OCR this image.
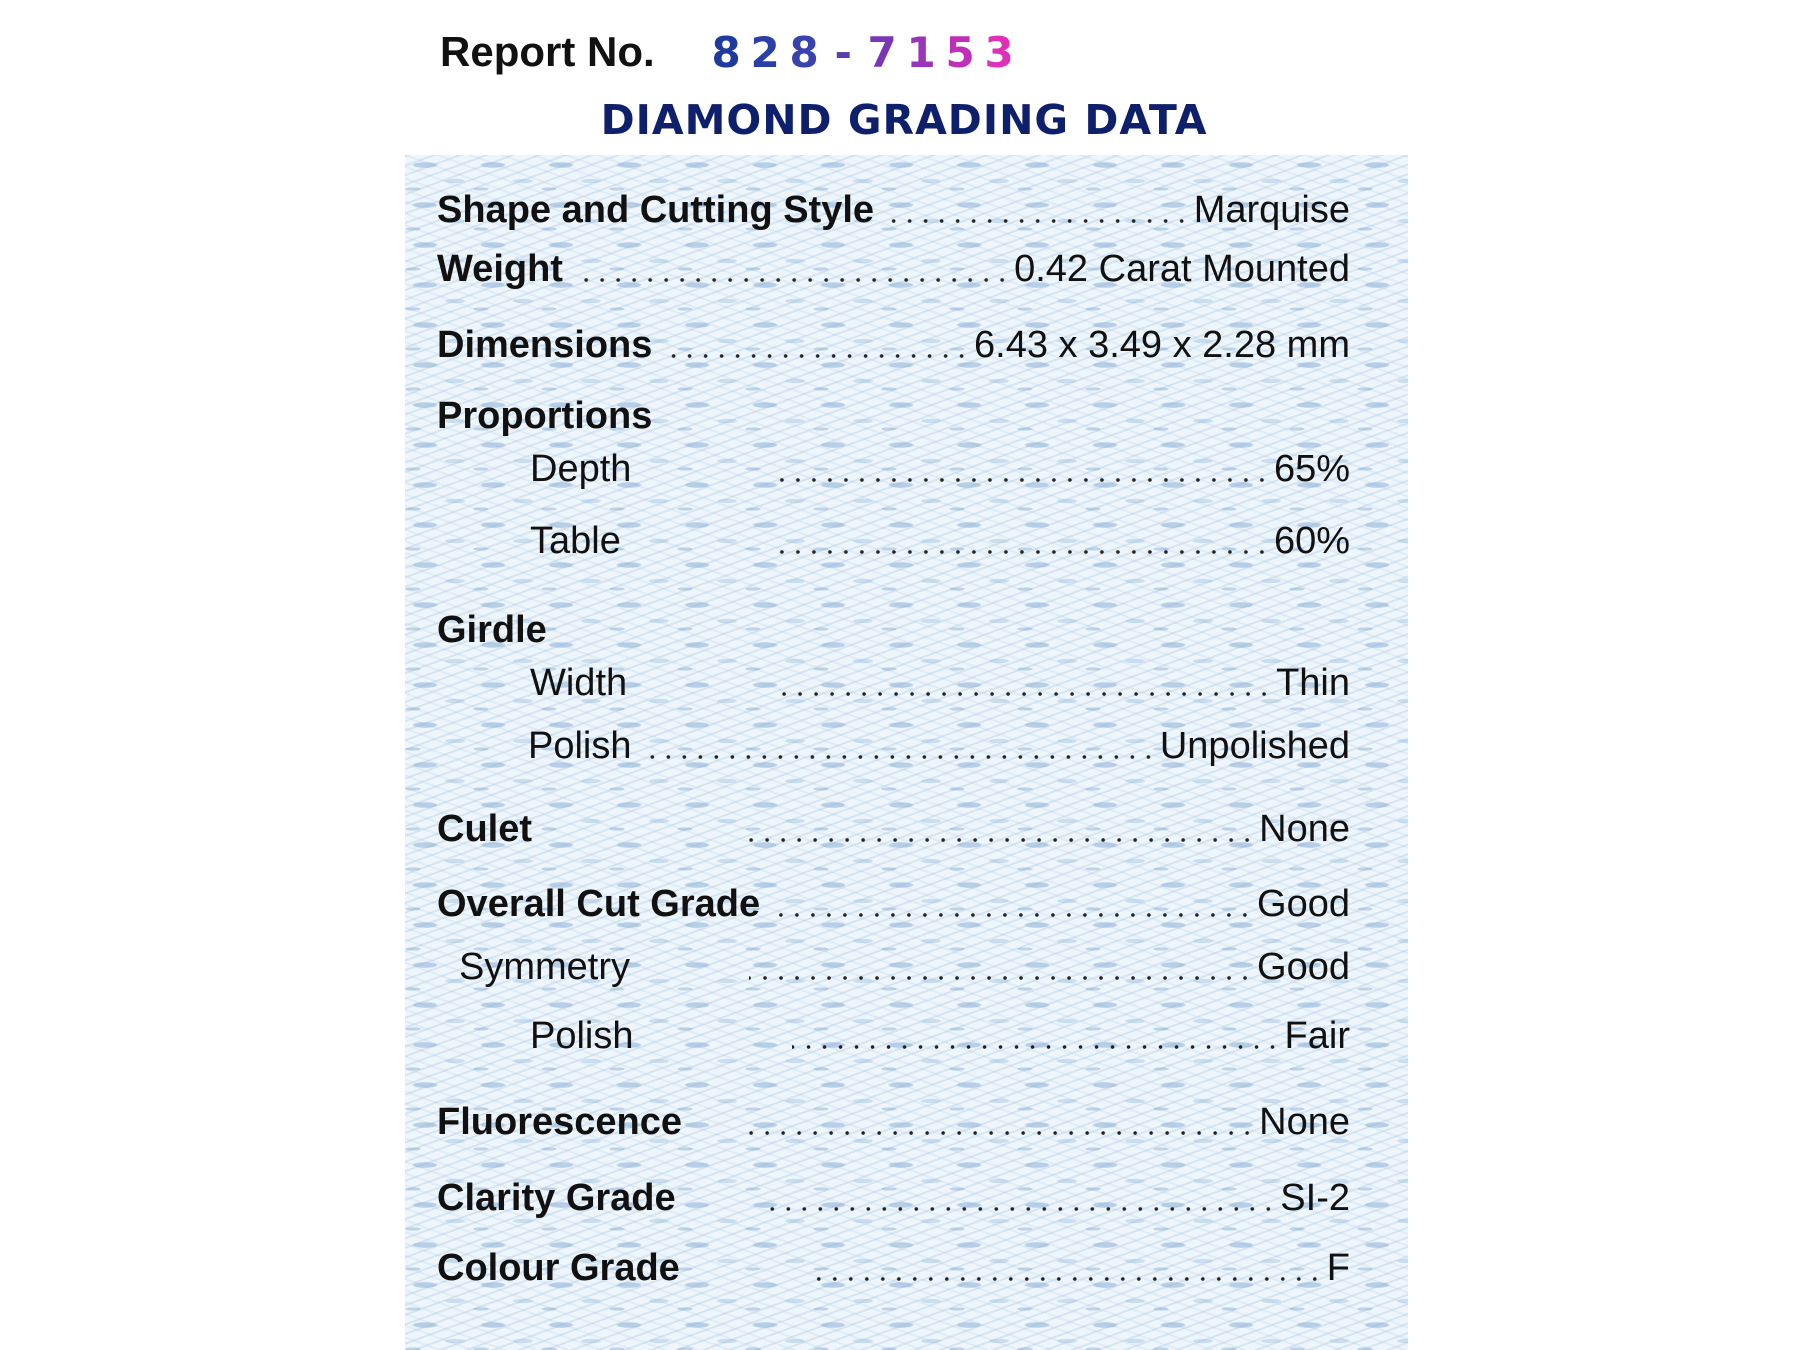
Report No. 8 2 8 - 7 1 5 3
DIAMOND GRADING DATA
Shape and Cutting Style	Marquise
Weight	0.42 Carat Mounted
Dimensions	6.43 x 3.49 x 2.28 mm
Proportions
Depth	65%
Table	60%
Girdle
Width	Thin
Polish	Unpolished
Culet	None
Overall Cut Grade	Good
Symmetry	Good
Polish	Fair
Fluorescence	None
Clarity Grade	SI-2
Colour Grade	F
